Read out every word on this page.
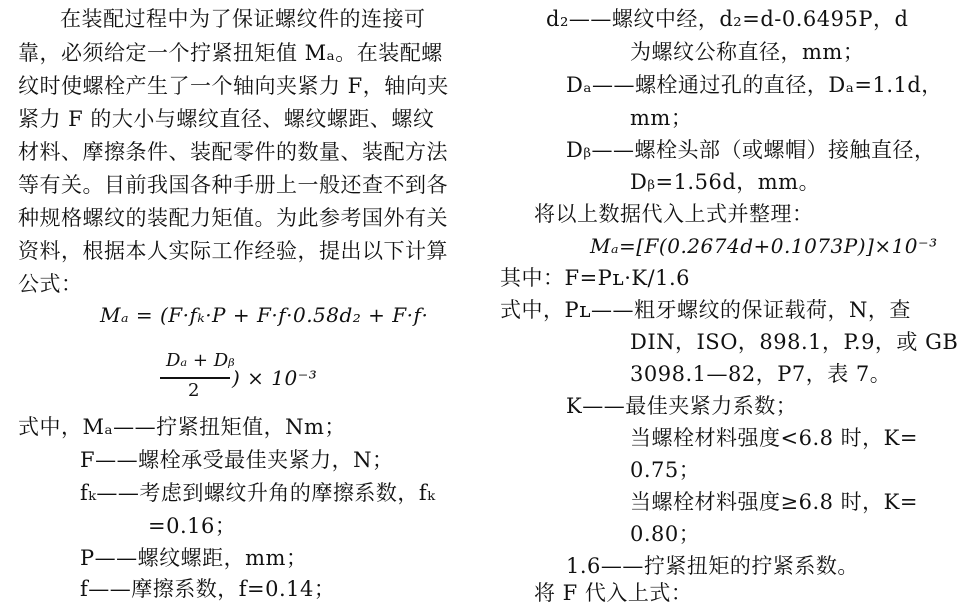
在装配过程中为了保证螺纹件的连接可
靠，必须给定一个拧紧扭矩值 Mₐ。在装配螺
纹时使螺栓产生了一个轴向夹紧力 F，轴向夹
紧力 F 的大小与螺纹直径、螺纹螺距、螺纹
材料、摩擦条件、装配零件的数量、装配方法
等有关。目前我国各种手册上一般还查不到各
种规格螺纹的装配力矩值。为此参考国外有关
资料，根据本人实际工作经验，提出以下计算
公式：
Mₐ = (F·fₖ·P + F·f·0.58d₂ + F·f·
Dₐ + Dᵦ
2
) × 10⁻³
式中，Mₐ——拧紧扭矩值，Nm；
F——螺栓承受最佳夹紧力，N；
fₖ——考虑到螺纹升角的摩擦系数，fₖ
=0.16；
P——螺纹螺距，mm；
f——摩擦系数，f=0.14；
d₂——螺纹中经，d₂=d-0.6495P，d
为螺纹公称直径，mm；
Dₐ——螺栓通过孔的直径，Dₐ=1.1d，
mm；
Dᵦ——螺栓头部（或螺帽）接触直径，
Dᵦ=1.56d，mm。
将以上数据代入上式并整理：
Mₐ=[F(0.2674d+0.1073P)]×10⁻³
其中：F=Pʟ·K/1.6
式中，Pʟ——粗牙螺纹的保证载荷，N，查
DIN，ISO，898.1，P.9，或 GB
3098.1—82，P7，表 7。
K——最佳夹紧力系数；
当螺栓材料强度<6.8 时，K=
0.75；
当螺栓材料强度≥6.8 时，K=
0.80；
1.6——拧紧扭矩的拧紧系数。
将 F 代入上式：
